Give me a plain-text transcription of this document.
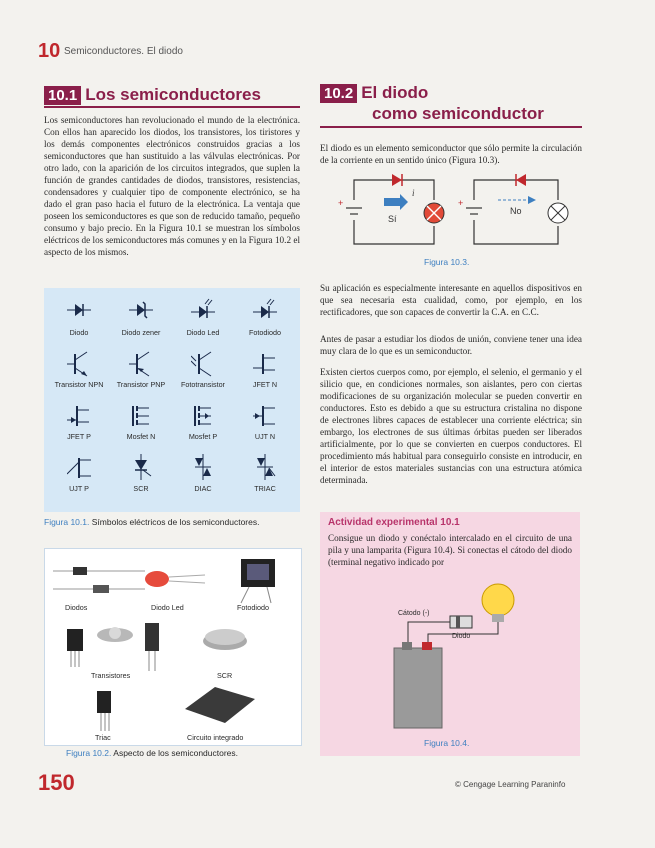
10 Semiconductores. El diodo
10.1 Los semiconductores
Los semiconductores han revolucionado el mundo de la electrónica. Con ellos han aparecido los diodos, los transistores, los tiristores y los demás componentes electrónicos construidos gracias a los semiconductores que han sustituido a las válvulas electrónicas. Por otro lado, con la aparición de los circuitos integrados, que suplen la función de grandes cantidades de diodos, transistores, resistencias, condensadores y cualquier tipo de componente electrónico, se ha dado el gran paso hacia el futuro de la electrónica. La ventaja que poseen los semiconductores es que son de reducido tamaño, pequeño consumo y bajo precio. En la Figura 10.1 se muestran los símbolos eléctricos de los semiconductores más comunes y en la Figura 10.2 el aspecto de los mismos.
Diodo	Diodo zener	Diodo Led	Fotodiodo
Transistor NPN	Transistor PNP	Fototransistor	JFET N
JFET P	Mosfet N	Mosfet P	UJT N
UJT P	SCR	DIAC	TRIAC
Figura 10.1. Símbolos eléctricos de los semiconductores.
Diodos	Diodo Led	Fotodiodo
Transistores	SCR
Triac	Circuito integrado
Figura 10.2. Aspecto de los semiconductores.
10.2 El diodo
como semiconductor
El diodo es un elemento semiconductor que sólo permite la circulación de la corriente en un sentido único (Figura 10.3).
i
Sí
+
No
+
Figura 10.3.
Su aplicación es especialmente interesante en aquellos dispositivos en que sea necesaria esta cualidad, como, por ejemplo, en los rectificadores, que son capaces de convertir la C.A. en C.C.
Antes de pasar a estudiar los diodos de unión, conviene tener una idea muy clara de lo que es un semiconductor.
Existen ciertos cuerpos como, por ejemplo, el selenio, el germanio y el silicio que, en condiciones normales, son aislantes, pero con ciertas modificaciones de su organización molecular se pueden convertir en conductores. Esto es debido a que su estructura cristalina no dispone de electrones libres capaces de establecer una corriente eléctrica; sin embargo, los electrones de sus últimas órbitas pueden ser liberados artificialmente, por lo que se convierten en cuerpos conductores. El procedimiento más habitual para conseguirlo consiste en introducir, en el interior de estos materiales sustancias con una estructura atómica determinada.
Actividad experimental 10.1
Consigue un diodo y conéctalo intercalado en el circuito de una pila y una lamparita (Figura 10.4). Si conectas el cátodo del diodo (terminal negativo indicado por
Cátodo (-)
Diodo
Figura 10.4.
150	© Cengage Learning Paraninfo
